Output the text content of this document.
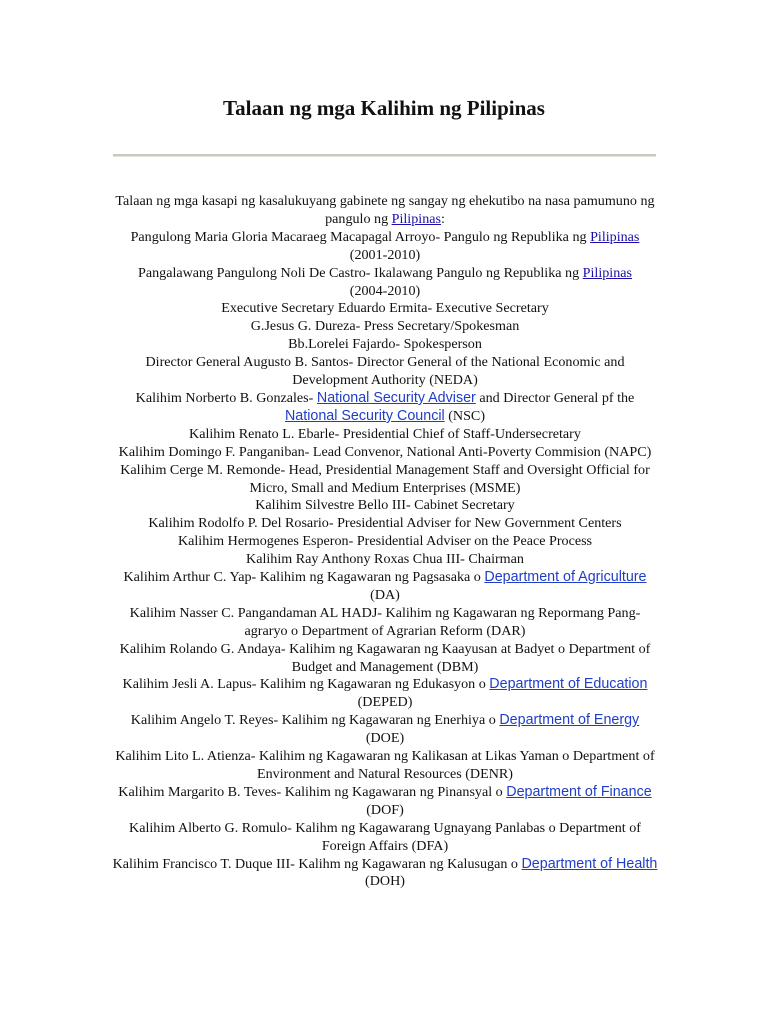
Talaan ng mga Kalihim ng Pilipinas

Talaan ng mga kasapi ng kasalukuyang gabinete ng sangay ng ehekutibo na nasa pamumuno ng pangulo ng Pilipinas:

Pangulong Maria Gloria Macaraeg Macapagal Arroyo- Pangulo ng Republika ng Pilipinas

(2001-2010)

Pangalawang Pangulong Noli De Castro- Ikalawang Pangulo ng Republika ng Pilipinas

(2004-2010)

Executive Secretary Eduardo Ermita- Executive Secretary

G.Jesus G. Dureza- Press Secretary/Spokesman

Bb.Lorelei Fajardo- Spokesperson

Director General Augusto B. Santos- Director General of the National Economic and Development Authority (NEDA)

Kalihim Norberto B. Gonzales- National Security Adviser and Director General pf the National Security Council (NSC)

Kalihim Renato L. Ebarle- Presidential Chief of Staff-Undersecretary

Kalihim Domingo F. Panganiban- Lead Convenor, National Anti-Poverty Commision (NAPC)

Kalihim Cerge M. Remonde- Head, Presidential Management Staff and Oversight Official for Micro, Small and Medium Enterprises (MSME)

Kalihim Silvestre Bello III- Cabinet Secretary

Kalihim Rodolfo P. Del Rosario- Presidential Adviser for New Government Centers

Kalihim Hermogenes Esperon- Presidential Adviser on the Peace Process

Kalihim Ray Anthony Roxas Chua III- Chairman

Kalihim Arthur C. Yap- Kalihim ng Kagawaran ng Pagsasaka o Department of Agriculture (DA)

Kalihim Nasser C. Pangandaman AL HADJ- Kalihim ng Kagawaran ng Repormang Pang-agraryo o Department of Agrarian Reform (DAR)

Kalihim Rolando G. Andaya- Kalihim ng Kagawaran ng Kaayusan at Badyet o Department of Budget and Management (DBM)

Kalihim Jesli A. Lapus- Kalihim ng Kagawaran ng Edukasyon o Department of Education (DEPED)

Kalihim Angelo T. Reyes- Kalihim ng Kagawaran ng Enerhiya o Department of Energy (DOE)

Kalihim Lito L. Atienza- Kalihim ng Kagawaran ng Kalikasan at Likas Yaman o Department of Environment and Natural Resources (DENR)

Kalihim Margarito B. Teves- Kalihim ng Kagawaran ng Pinansyal o Department of Finance (DOF)

Kalihim Alberto G. Romulo- Kalihm ng Kagawarang Ugnayang Panlabas o Department of Foreign Affairs (DFA)

Kalihim Francisco T. Duque III- Kalihm ng Kagawaran ng Kalusugan o Department of Health (DOH)
